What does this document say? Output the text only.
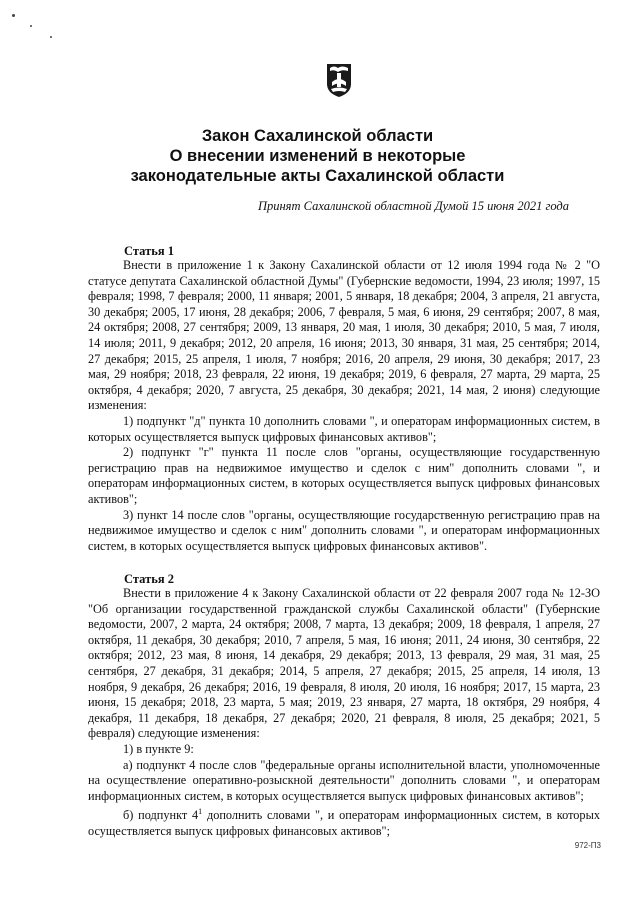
Закон Сахалинской области
О внесении изменений в некоторые
законодательные акты Сахалинской области
Принят Сахалинской областной Думой 15 июня 2021 года
Статья 1

Внести в приложение 1 к Закону Сахалинской области от 12 июля 1994 года № 2 "О статусе депутата Сахалинской областной Думы" (Губернские ведомости, 1994, 23 июля; 1997, 15 февраля; 1998, 7 февраля; 2000, 11 января; 2001, 5 января, 18 декабря; 2004, 3 апреля, 21 августа, 30 декабря; 2005, 17 июня, 28 декабря; 2006, 7 февраля, 5 мая, 6 июня, 29 сентября; 2007, 8 мая, 24 октября; 2008, 27 сентября; 2009, 13 января, 20 мая, 1 июля, 30 декабря; 2010, 5 мая, 7 июля, 14 июля; 2011, 9 декабря; 2012, 20 апреля, 16 июня; 2013, 30 января, 31 мая, 25 сентября; 2014, 27 декабря; 2015, 25 апреля, 1 июля, 7 ноября; 2016, 20 апреля, 29 июня, 30 декабря; 2017, 23 мая, 29 ноября; 2018, 23 февраля, 22 июня, 19 декабря; 2019, 6 февраля, 27 марта, 29 марта, 25 октября, 4 декабря; 2020, 7 августа, 25 декабря, 30 декабря; 2021, 14 мая, 2 июня) следующие изменения:

1) подпункт "д" пункта 10 дополнить словами ", и операторам информационных систем, в которых осуществляется выпуск цифровых финансовых активов";

2) подпункт "г" пункта 11 после слов "органы, осуществляющие государственную регистрацию прав на недвижимое имущество и сделок с ним" дополнить словами ", и операторам информационных систем, в которых осуществляется выпуск цифровых финансовых активов";

3) пункт 14 после слов "органы, осуществляющие государственную регистрацию прав на недвижимое имущество и сделок с ним" дополнить словами ", и операторам информационных систем, в которых осуществляется выпуск цифровых финансовых активов".

Статья 2

Внести в приложение 4 к Закону Сахалинской области от 22 февраля 2007 года № 12-ЗО "Об организации государственной гражданской службы Сахалинской области" (Губернские ведомости, 2007, 2 марта, 24 октября; 2008, 7 марта, 13 декабря; 2009, 18 февраля, 1 апреля, 27 октября, 11 декабря, 30 декабря; 2010, 7 апреля, 5 мая, 16 июня; 2011, 24 июня, 30 сентября, 22 октября; 2012, 23 мая, 8 июня, 14 декабря, 29 декабря; 2013, 13 февраля, 29 мая, 31 мая, 25 сентября, 27 декабря, 31 декабря; 2014, 5 апреля, 27 декабря; 2015, 25 апреля, 14 июля, 13 ноября, 9 декабря, 26 декабря; 2016, 19 февраля, 8 июля, 20 июля, 16 ноября; 2017, 15 марта, 23 июня, 15 декабря; 2018, 23 марта, 5 мая; 2019, 23 января, 27 марта, 18 октября, 29 ноября, 4 декабря, 11 декабря, 18 декабря, 27 декабря; 2020, 21 февраля, 8 июля, 25 декабря; 2021, 5 февраля) следующие изменения:

1) в пункте 9:

а) подпункт 4 после слов "федеральные органы исполнительной власти, уполномоченные на осуществление оперативно-розыскной деятельности" дополнить словами ", и операторам информационных систем, в которых осуществляется выпуск цифровых финансовых активов";

б) подпункт $4^1$ дополнить словами ", и операторам информационных систем, в которых осуществляется выпуск цифровых финансовых активов";

972-П3
